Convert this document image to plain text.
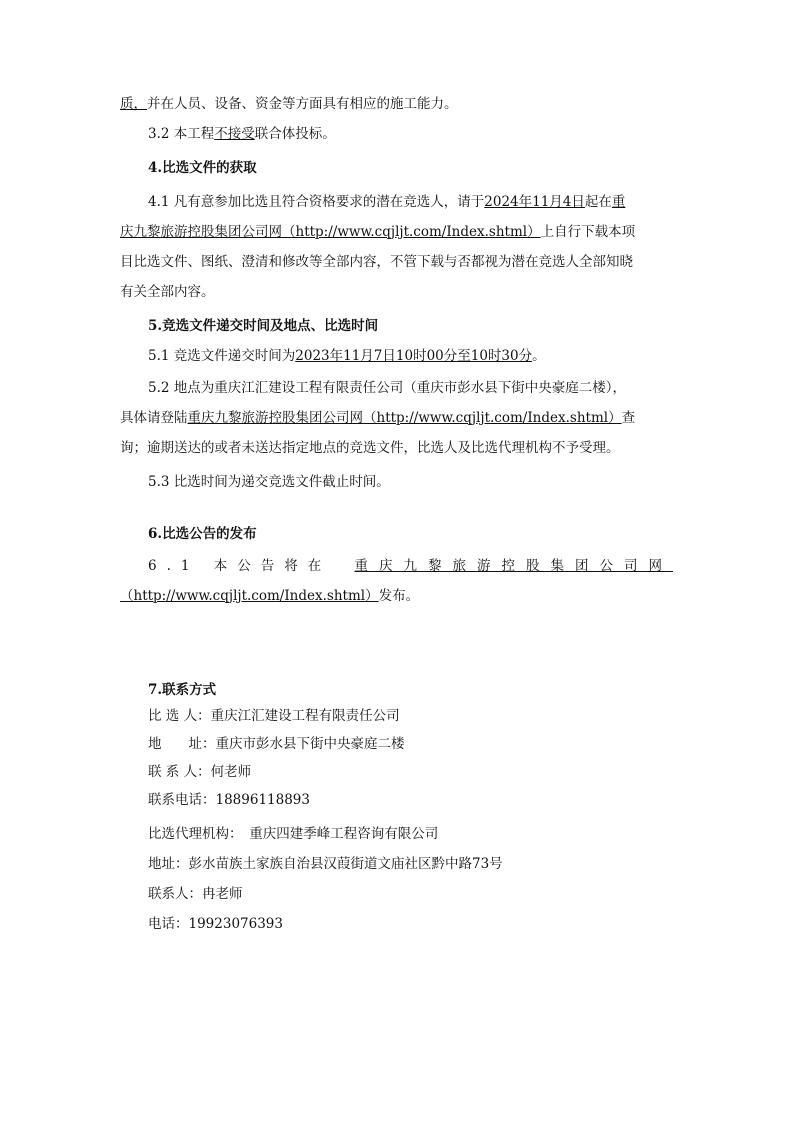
质，并在人员、设备、资金等方面具有相应的施工能力。
3.2 本工程不接受联合体投标。
4.比选文件的获取
4.1 凡有意参加比选且符合资格要求的潜在竞选人，请于2024年11月4日起在重
庆九黎旅游控股集团公司网（http://www.cqjljt.com/Index.shtml）上自行下载本项
目比选文件、图纸、澄清和修改等全部内容，不管下载与否都视为潜在竞选人全部知晓
有关全部内容。
5.竞选文件递交时间及地点、比选时间
5.1 竞选文件递交时间为2023年11月7日10时00分至10时30分。
5.2 地点为重庆江汇建设工程有限责任公司（重庆市彭水县下街中央豪庭二楼），
具体请登陆重庆九黎旅游控股集团公司网（http://www.cqjljt.com/Index.shtml）查
询；逾期送达的或者未送达指定地点的竞选文件，比选人及比选代理机构不予受理。
5.3 比选时间为递交竞选文件截止时间。
6.比选公告的发布
6.1 本公告将在 重庆九黎旅游控股集团公司网
（http://www.cqjljt.com/Index.shtml）发布。
7.联系方式
比 选 人：重庆江汇建设工程有限责任公司
地　　址：重庆市彭水县下街中央豪庭二楼
联 系 人：何老师
联系电话：18896118893
比选代理机构：　重庆四建季峰工程咨询有限公司
地址：彭水苗族土家族自治县汉葭街道文庙社区黔中路73号
联系人：冉老师
电话：19923076393
